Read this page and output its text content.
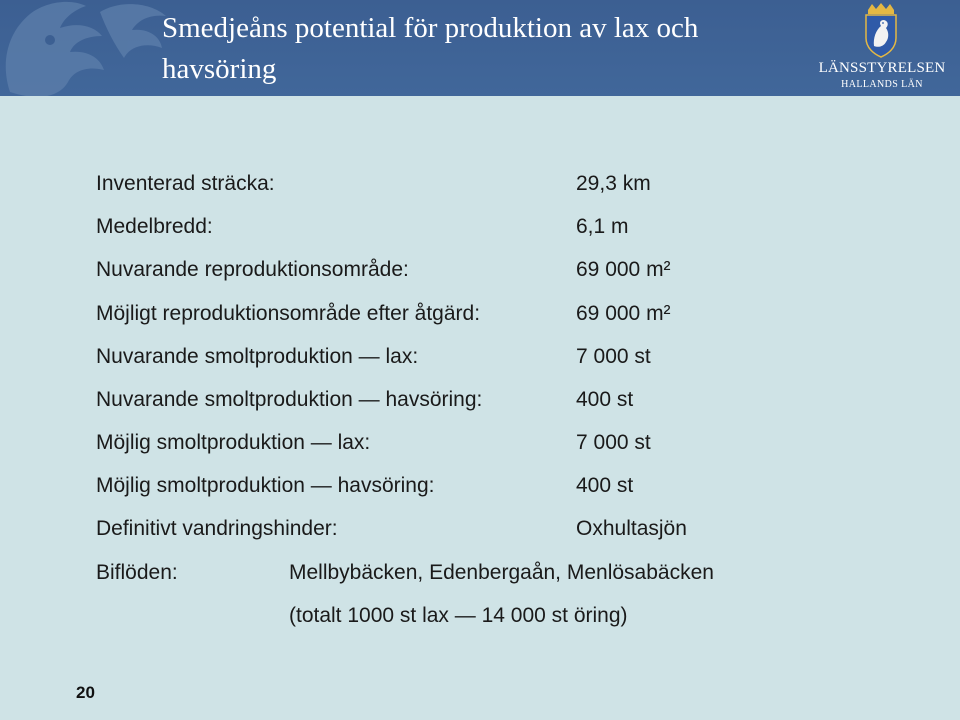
Smedjeåns potential för produktion av lax och havsöring	LÄNSSTYRELSEN
HALLANDS LÄN
Inventerad sträcka:	29,3 km
Medelbredd:	6,1 m
Nuvarande reproduktionsområde:	69 000 m²
Möjligt reproduktionsområde efter åtgärd:	69 000 m²
Nuvarande smoltproduktion — lax:	7 000 st
Nuvarande smoltproduktion — havsöring:	400 st
Möjlig smoltproduktion — lax:	7 000 st
Möjlig smoltproduktion — havsöring:	400 st
Definitivt vandringshinder:	Oxhultasjön
Biflöden:	Mellbybäcken, Edenbergaån, Menlösabäcken
(totalt 1000 st lax — 14 000 st öring)
20
